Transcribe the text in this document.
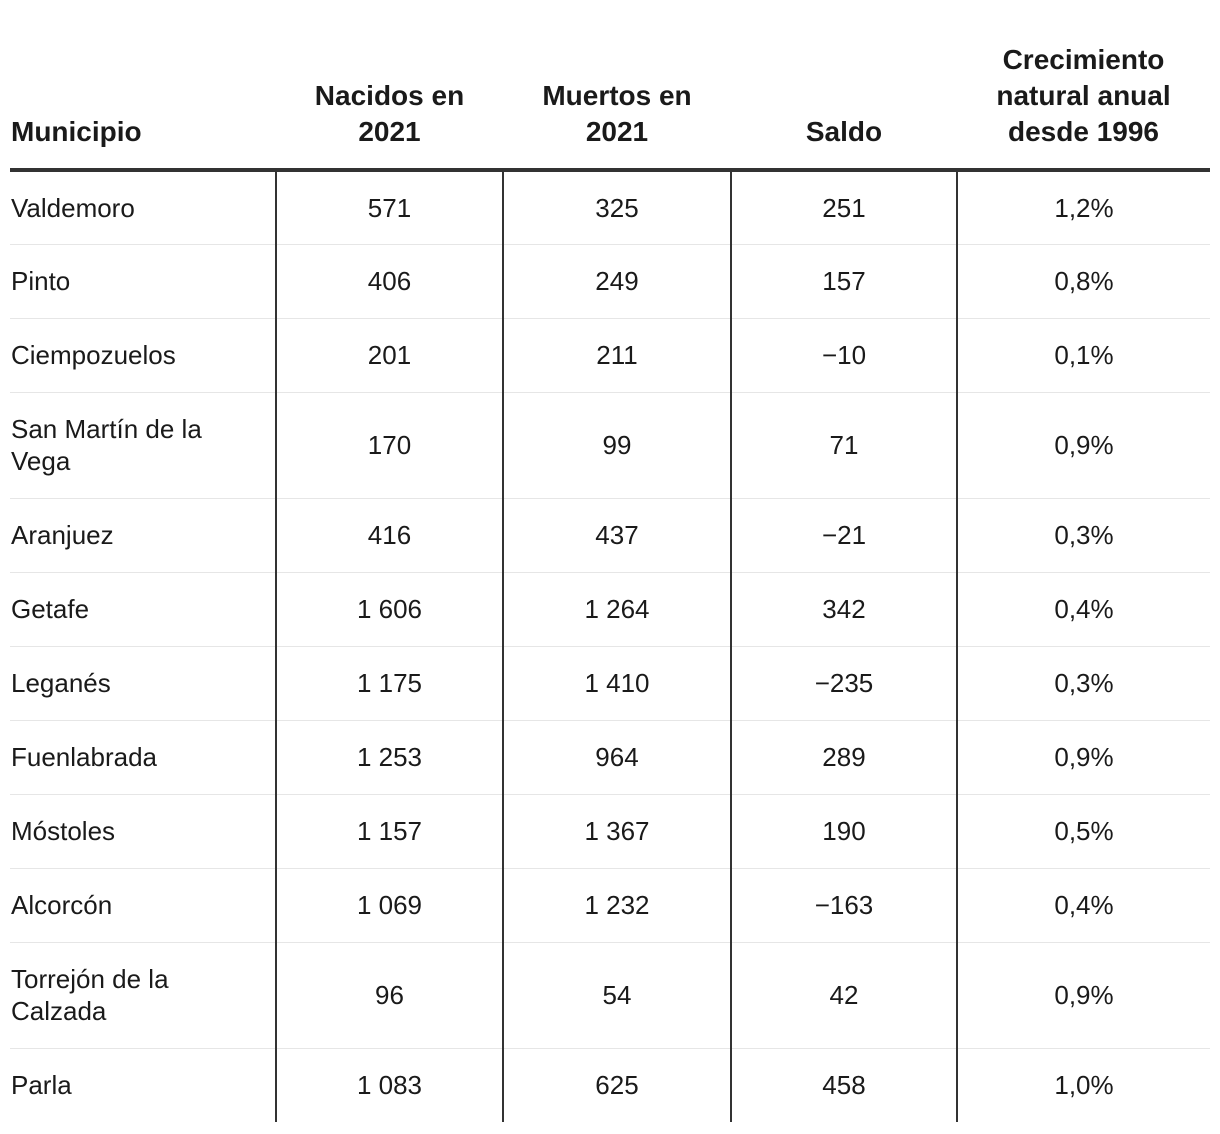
Municipio	Nacidos en 2021	Muertos en 2021	Saldo	Crecimiento natural anual desde 1996

Valdemoro	571	325	251	1,2%

Pinto	406	249	157	0,8%

Ciempozuelos	201	211	−10	0,1%

San Martín de la Vega	170	99	71	0,9%

Aranjuez	416	437	−21	0,3%

Getafe	1 606	1 264	342	0,4%

Leganés	1 175	1 410	−235	0,3%

Fuenlabrada	1 253	964	289	0,9%

Móstoles	1 157	1 367	190	0,5%

Alcorcón	1 069	1 232	−163	0,4%

Torrejón de la Calzada	96	54	42	0,9%

Parla	1 083	625	458	1,0%
